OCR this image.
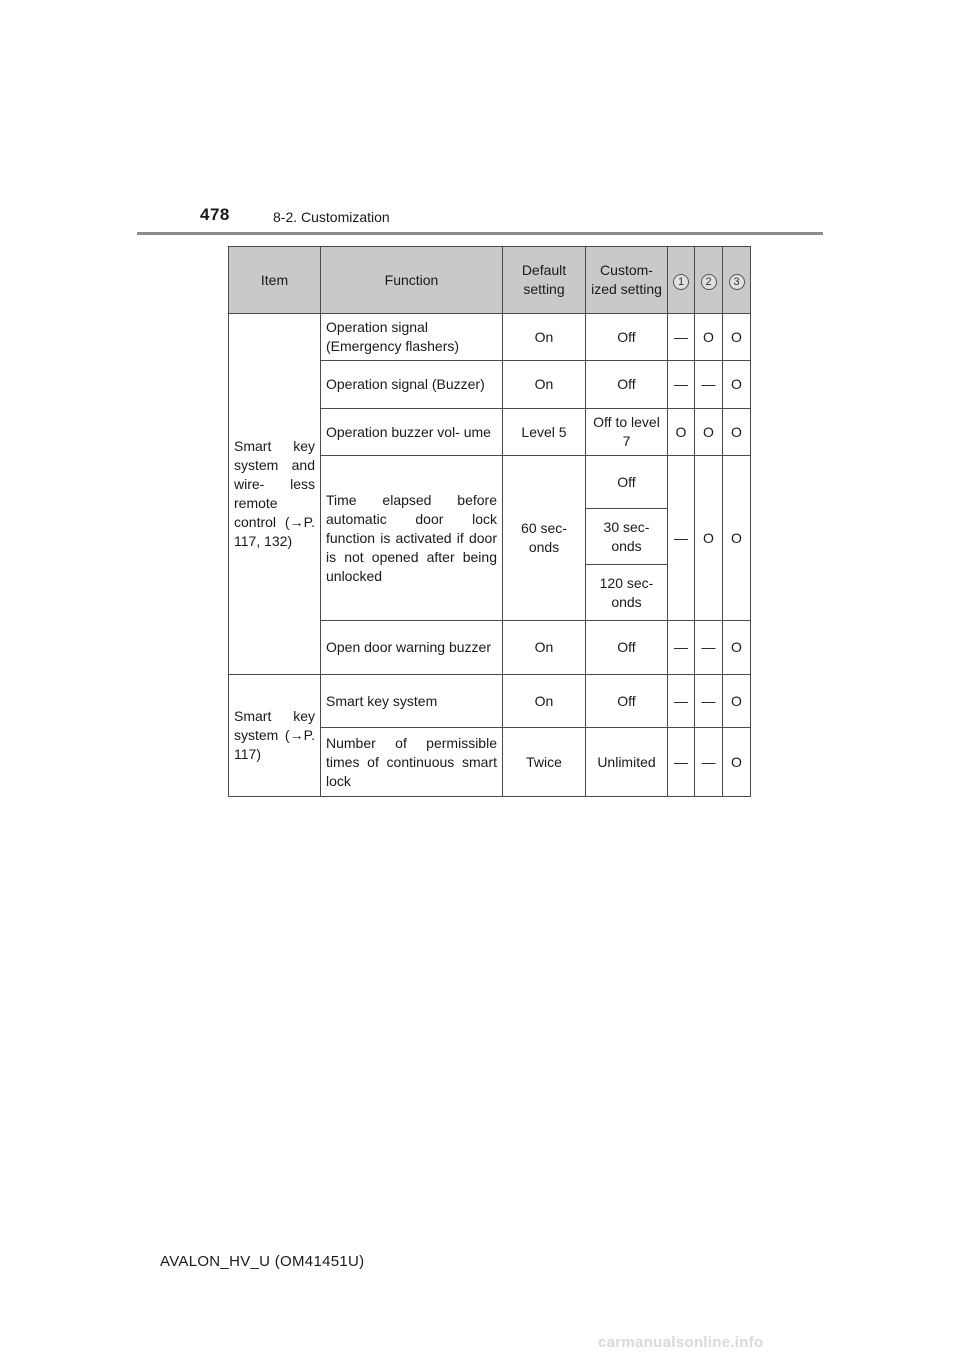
478	8-2. Customization
Item	Function	Default setting	Custom- ized setting	1	2	3
Smart key system and wire- less remote control (→P. 117, 132)	Operation signal (Emergency flashers)	On	Off	—	O	O
	Operation signal (Buzzer)	On	Off	—	—	O
	Operation buzzer vol- ume	Level 5	Off to level 7	O	O	O
	Time elapsed before automatic door lock function is activated if door is not opened after being unlocked	60 sec- onds	Off	—	O	O
			30 sec- onds			
			120 sec- onds			
	Open door warning buzzer	On	Off	—	—	O
Smart key system (→P. 117)	Smart key system	On	Off	—	—	O
	Number of permissible times of continuous smart lock	Twice	Unlimited	—	—	O
AVALON_HV_U (OM41451U)
carmanualsonline.info
